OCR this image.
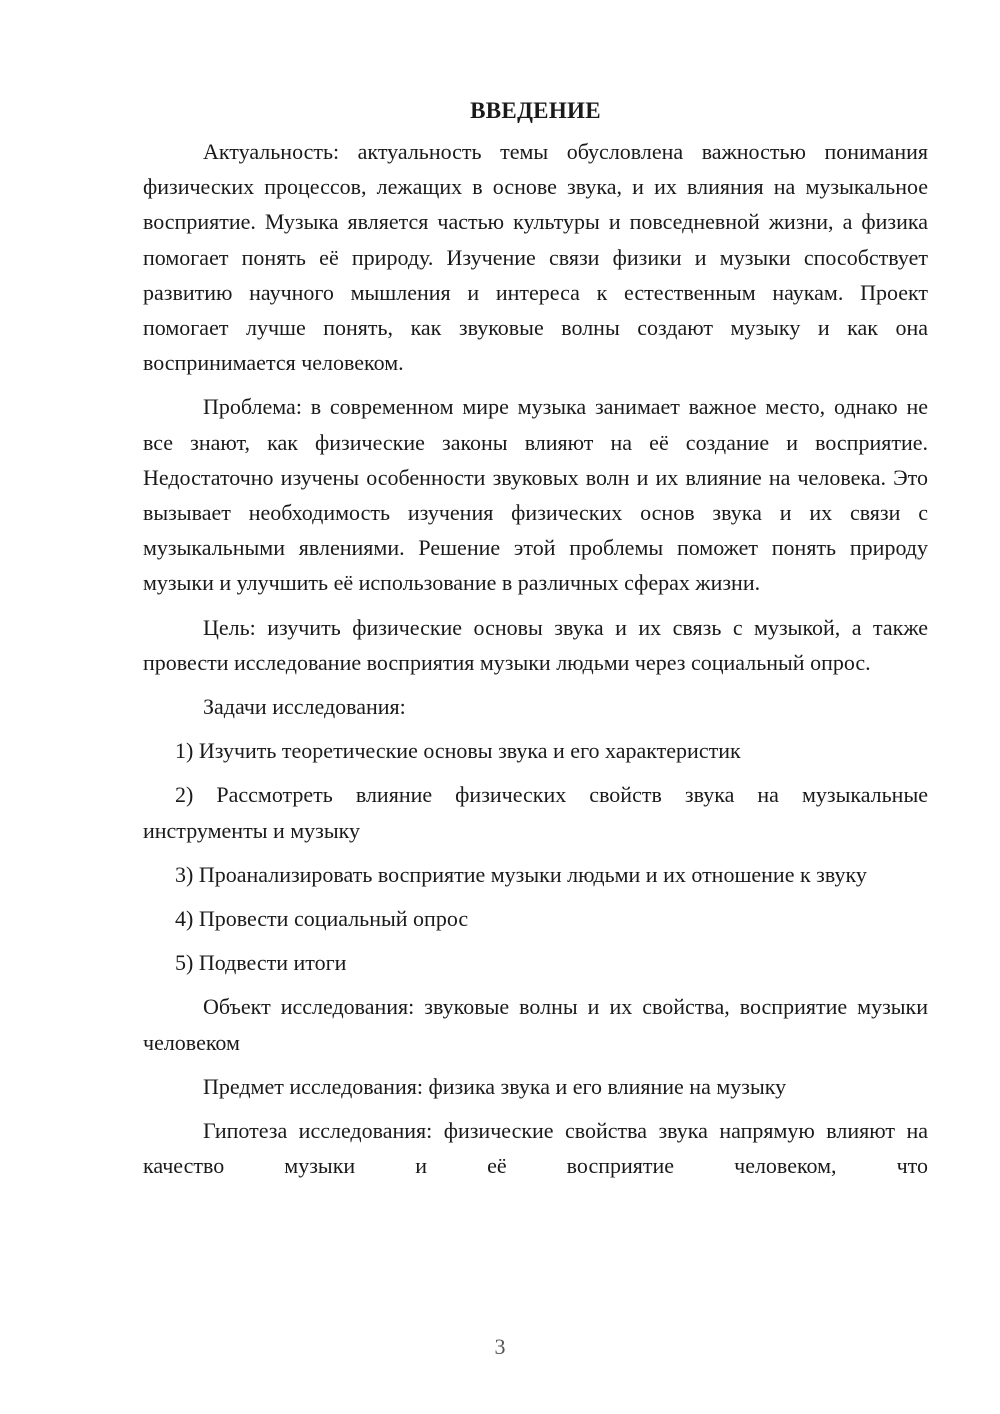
ВВЕДЕНИЕ

Актуальность: актуальность темы обусловлена важностью понимания физических процессов, лежащих в основе звука, и их влияния на музыкальное восприятие. Музыка является частью культуры и повседневной жизни, а физика помогает понять её природу. Изучение связи физики и музыки способствует развитию научного мышления и интереса к естественным наукам. Проект помогает лучше понять, как звуковые волны создают музыку и как она воспринимается человеком.

Проблема: в современном мире музыка занимает важное место, однако не все знают, как физические законы влияют на её создание и восприятие. Недостаточно изучены особенности звуковых волн и их влияние на человека. Это вызывает необходимость изучения физических основ звука и их связи с музыкальными явлениями. Решение этой проблемы поможет понять природу музыки и улучшить её использование в различных сферах жизни.

Цель: изучить физические основы звука и их связь с музыкой, а также провести исследование восприятия музыки людьми через социальный опрос.

Задачи исследования:

1) Изучить теоретические основы звука и его характеристик

2) Рассмотреть влияние физических свойств звука на музыкальные инструменты и музыку

3) Проанализировать восприятие музыки людьми и их отношение к звуку

4) Провести социальный опрос

5) Подвести итоги

Объект исследования: звуковые волны и их свойства, восприятие музыки человеком

Предмет исследования: физика звука и его влияние на музыку

Гипотеза исследования: физические свойства звука напрямую влияют на качество музыки и её восприятие человеком, что

3
